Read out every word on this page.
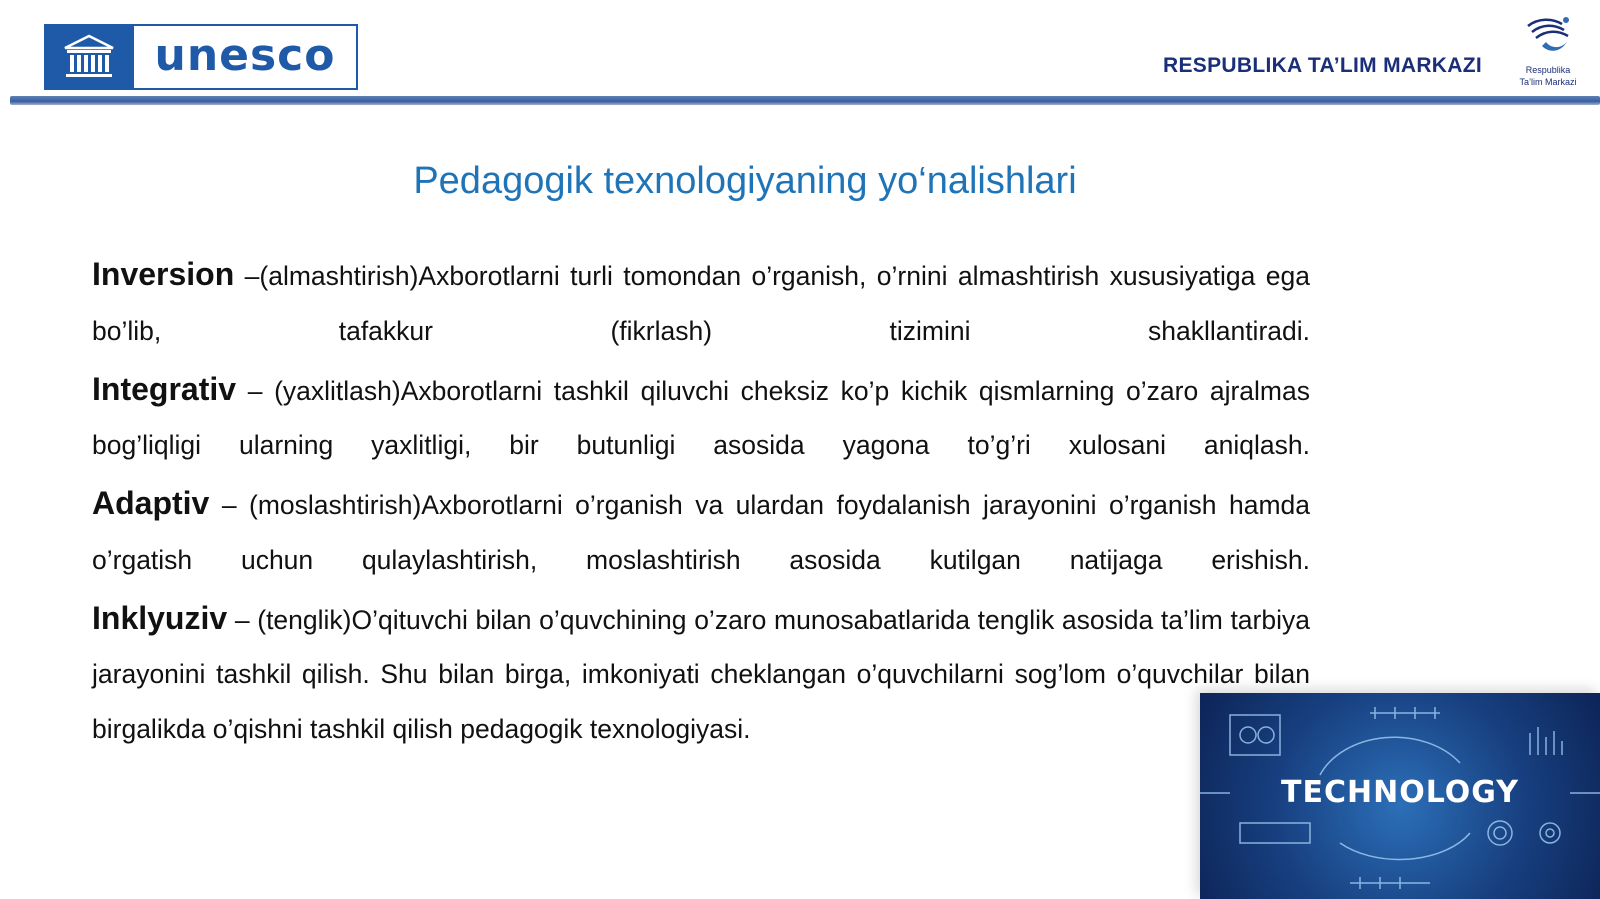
unesco	RESPUBLIKA TA’LIM MARKAZI	Respublika
Ta’lim Markazi
Pedagogik texnologiyaning yo‘nalishlari

Inversion –(almashtirish)Axborotlarni turli tomondan o’rganish, o’rnini almashtirish xususiyatiga ega bo’lib, tafakkur (fikrlash) tizimini shakllantiradi.

Integrativ – (yaxlitlash)Axborotlarni tashkil qiluvchi cheksiz ko’p kichik qismlarning o’zaro ajralmas bog’liqligi ularning yaxlitligi, bir butunligi asosida yagona to’g’ri xulosani aniqlash.

Adaptiv – (moslashtirish)Axborotlarni o’rganish va ulardan foydalanish jarayonini o’rganish hamda o’rgatish uchun qulaylashtirish, moslashtirish asosida kutilgan natijaga erishish.

Inklyuziv – (tenglik)O’qituvchi bilan o’quvchining o’zaro munosabatlarida tenglik asosida ta’lim tarbiya jarayonini tashkil qilish. Shu bilan birga, imkoniyati cheklangan o’quvchilarni sog’lom o’quvchilar bilan birgalikda o’qishni tashkil qilish pedagogik texnologiyasi.

TECHNOLOGY
